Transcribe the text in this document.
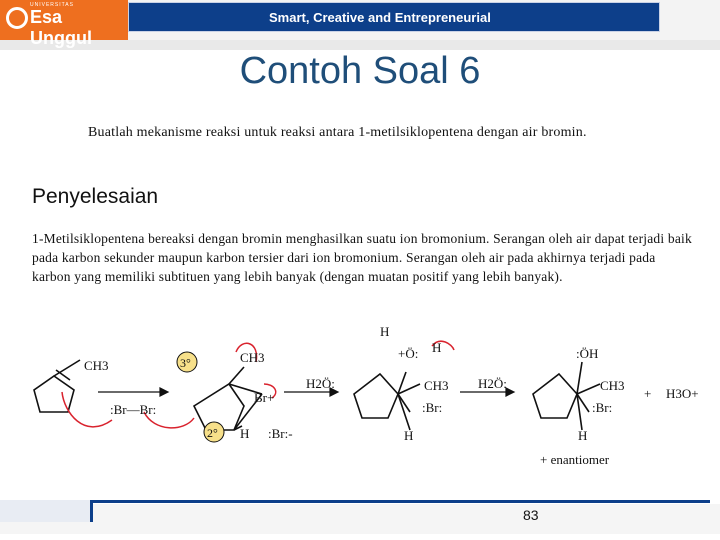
Smart, Creative and Entrepreneurial
UNIVERSITAS
Esa Unggul
Contoh Soal 6
Buatlah mekanisme reaksi untuk reaksi antara 1-metilsiklopentena dengan air bromin.
Penyelesaian
1-Metilsiklopentena bereaksi dengan bromin menghasilkan suatu ion bromonium. Serangan oleh air dapat terjadi baik pada karbon sekunder maupun karbon tersier dari ion bromonium. Serangan oleh air pada akhirnya terjadi pada karbon yang memiliki subtituen yang lebih banyak (dengan muatan positif yang lebih banyak).
CH3
:Br—Br:
3°
2°
CH3
Br+
H :Br:-
H2Ö:
H
+Ö: H
CH3 H2Ö:
:Br:
H
:ÖH
CH3
:Br:
H
+ H3O+
+ enantiomer
83
